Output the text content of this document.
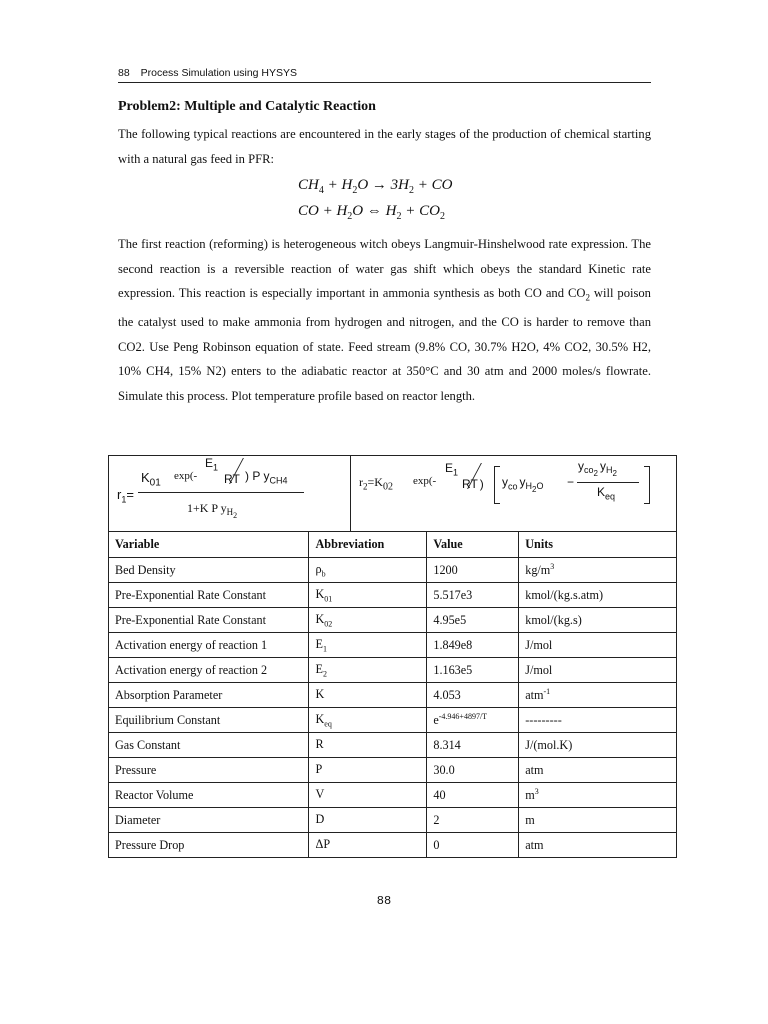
88 Process Simulation using HYSYS
Problem2: Multiple and Catalytic Reaction
The following typical reactions are encountered in the early stages of the production of chemical starting with a natural gas feed in PFR:
$CH_4 + H_2O \to 3H_2$ + CO
CO + $H_2O$ ⇔ $H_2 + CO_2$
The first reaction (reforming) is heterogeneous witch obeys Langmuir-Hinshelwood rate expression. The second reaction is a reversible reaction of water gas shift which obeys the standard Kinetic rate expression. This reaction is especially important in ammonia synthesis as both CO and $CO_2$ will poison the catalyst used to make ammonia from hydrogen and nitrogen, and the CO is harder to remove than CO2. Use Peng Robinson equation of state. Feed stream (9.8% CO, 30.7% H2O, 4% CO2, 30.5% H2, 10% CH4, 15% N2) enters to the adiabatic reactor at 350°C and 30 atm and 2000 moles/s flowrate. Simulate this process. Plot temperature profile based on reactor length.
$r_1=$
$K_{01}$
exp(-
$E_1$
RT ) P $y_{CH4}$
1+K P $y_{H_2}$
$r_2=K_{02}$ exp(-
$E_1$
RT ) $y_{co}$ $y_{H_2O}$ −
$y_{co_2}y_{H_2}$
$K_{eq}$
Variable	Abbreviation	Value	Units
Bed Density	$\rho_b$	1200	$kg/m^3$
Pre-Exponential Rate Constant	$K_{01}$	5.517e3	kmol/(kg.s.atm)
Pre-Exponential Rate Constant	$K_{02}$	4.95e5	kmol/(kg.s)
Activation energy of reaction 1	$E_1$	1.849e8	J/mol
Activation energy of reaction 2	$E_2$	1.163e5	J/mol
Absorption Parameter	K	4.053	atm$^{-1}$
Equilibrium Constant	$K_{eq}$	$e^{-4.946+4897/T}$	---------
Gas Constant	R	8.314	J/(mol.K)
Pressure	P	30.0	atm
Reactor Volume	V	40	$m^3$
Diameter	D	2	m
Pressure Drop	ΔP	0	atm
88
